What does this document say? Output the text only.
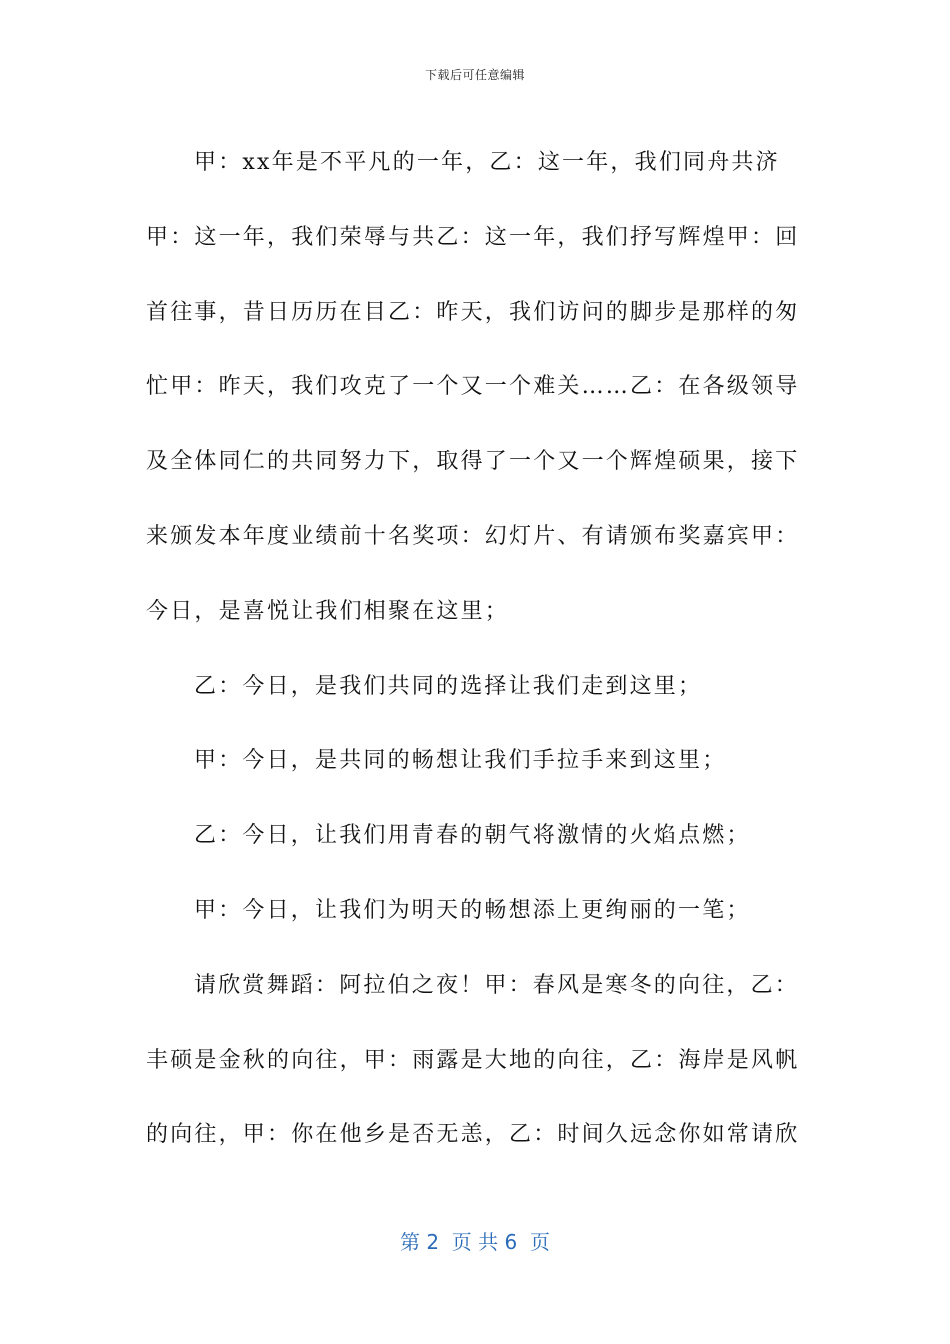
下载后可任意编辑

甲：xx年是不平凡的一年，乙：这一年，我们同舟共济甲：这一年，我们荣辱与共乙：这一年，我们抒写辉煌甲：回首往事，昔日历历在目乙：昨天，我们访问的脚步是那样的匆忙甲：昨天，我们攻克了一个又一个难关……乙：在各级领导及全体同仁的共同努力下，取得了一个又一个辉煌硕果，接下来颁发本年度业绩前十名奖项：幻灯片、有请颁布奖嘉宾甲：今日，是喜悦让我们相聚在这里；

乙：今日，是我们共同的选择让我们走到这里；

甲：今日，是共同的畅想让我们手拉手来到这里；

乙：今日，让我们用青春的朝气将激情的火焰点燃；

甲：今日，让我们为明天的畅想添上更绚丽的一笔；

请欣赏舞蹈：阿拉伯之夜！甲：春风是寒冬的向往，乙：丰硕是金秋的向往，甲：雨露是大地的向往，乙：海岸是风帆的向往，甲：你在他乡是否无恙，乙：时间久远念你如常请欣

第 2  页 共 6  页
